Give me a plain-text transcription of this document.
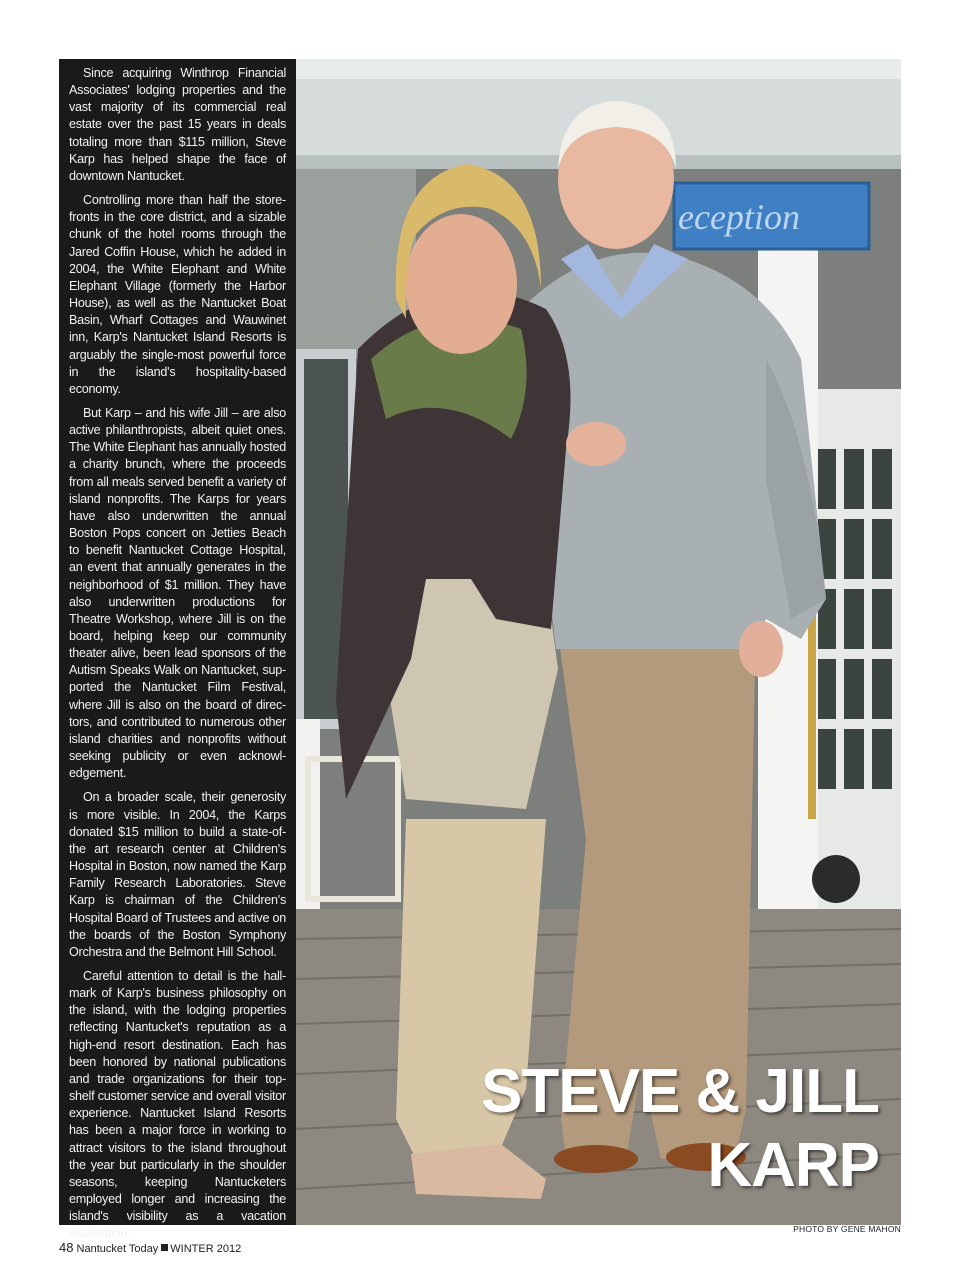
Since acquiring Winthrop Financial Associates' lodging properties and the vast majority of its commercial real estate over the past 15 years in deals totaling more than $115 million, Steve Karp has helped shape the face of downtown Nantucket.

Controlling more than half the store-fronts in the core district, and a sizable chunk of the hotel rooms through the Jared Coffin House, which he added in 2004, the White Elephant and White Elephant Village (formerly the Harbor House), as well as the Nantucket Boat Basin, Wharf Cottages and Wauwinet inn, Karp's Nantucket Island Resorts is arguably the single-most powerful force in the island's hospitality-based economy.

But Karp – and his wife Jill – are also active philanthropists, albeit quiet ones. The White Elephant has annually hosted a charity brunch, where the proceeds from all meals served benefit a variety of island nonprofits. The Karps for years have also underwritten the annual Boston Pops concert on Jetties Beach to benefit Nantucket Cottage Hospital, an event that annually generates in the neighborhood of $1 million. They have also underwritten productions for Theatre Workshop, where Jill is on the board, helping keep our community theater alive, been lead sponsors of the Autism Speaks Walk on Nantucket, sup-ported the Nantucket Film Festival, where Jill is also on the board of direc-tors, and contributed to numerous other island charities and nonprofits without seeking publicity or even acknowl-edgement.

On a broader scale, their generosity is more visible. In 2004, the Karps donated $15 million to build a state-of-the art research center at Children's Hospital in Boston, now named the Karp Family Research Laboratories. Steve Karp is chairman of the Children's Hospital Board of Trustees and active on the boards of the Boston Symphony Orchestra and the Belmont Hill School.

Careful attention to detail is the hall-mark of Karp's business philosophy on the island, with the lodging properties reflecting Nantucket's reputation as a high-end resort destination. Each has been honored by national publications and trade organizations for their top-shelf customer service and overall visitor experience. Nantucket Island Resorts has been a major force in working to attract visitors to the island throughout the year but particularly in the shoulder seasons, keeping Nantucketers employed longer and increasing the island's visibility as a vacation destination.

eception
STEVE & JILL
KARP
PHOTO BY GENE MAHON
48 Nantucket Today WINTER 2012
